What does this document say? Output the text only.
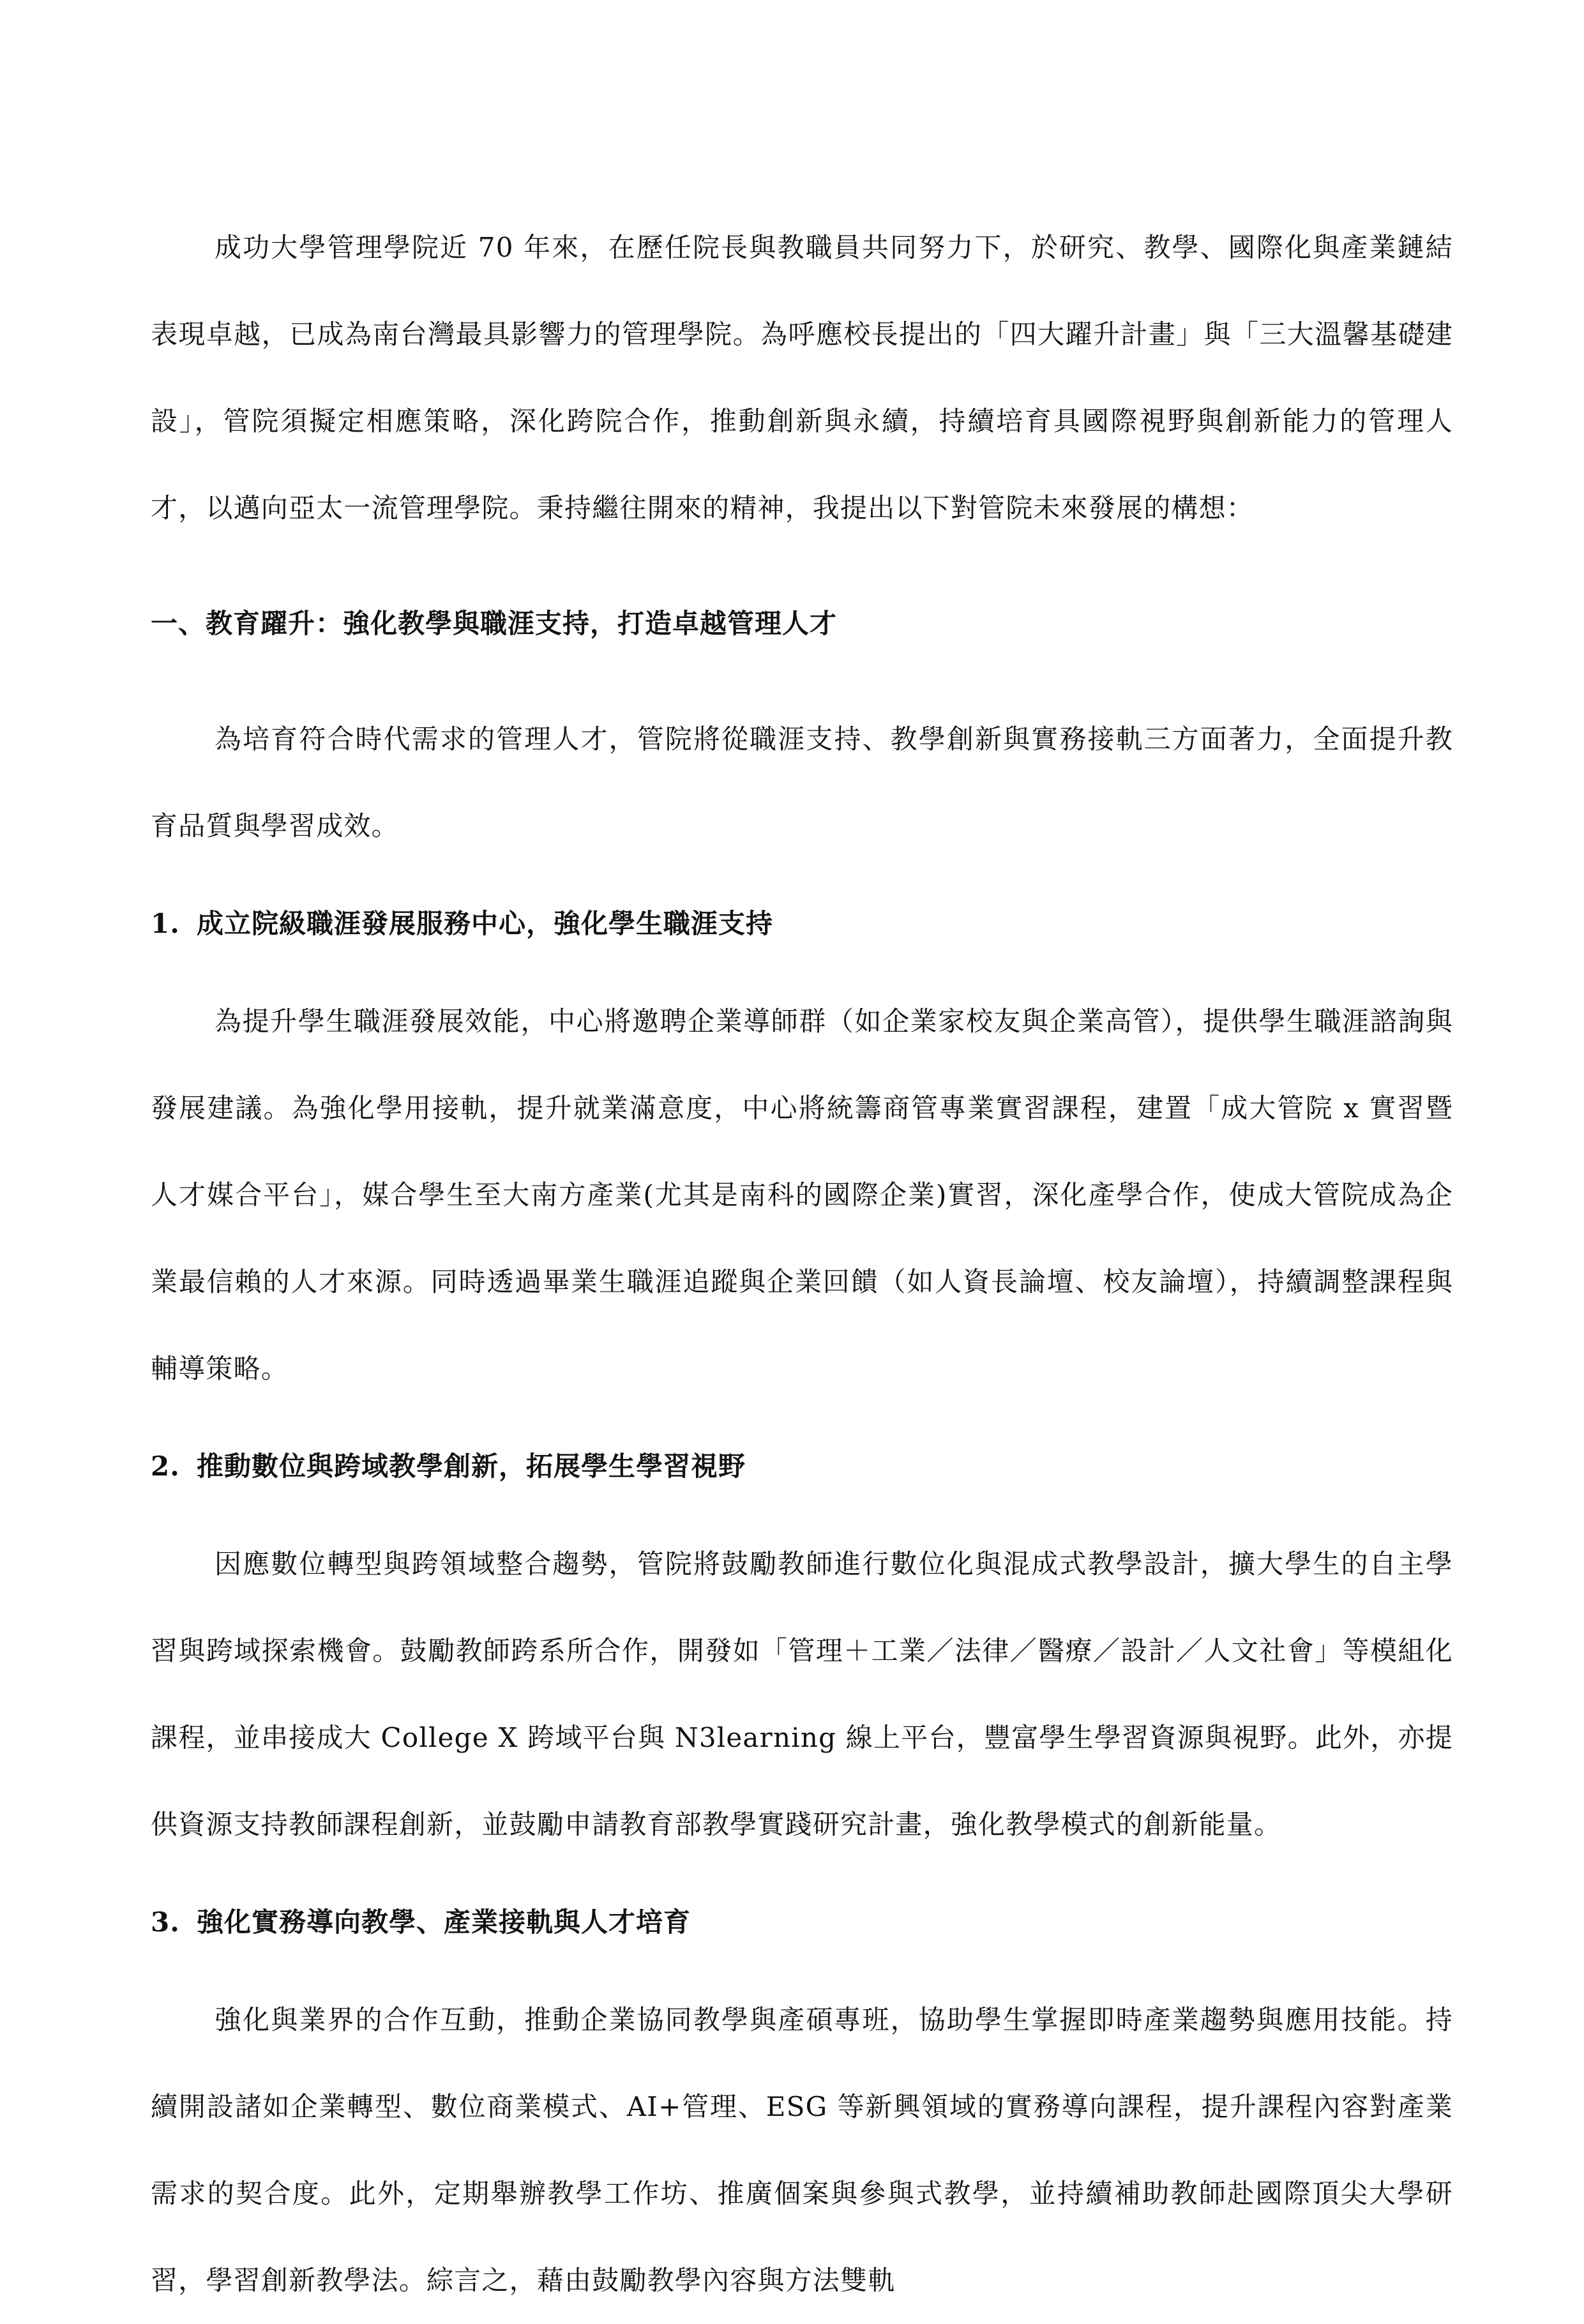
成功大學管理學院近 70 年來，在歷任院長與教職員共同努力下，於研究、教學、國際化與產業鏈結表現卓越，已成為南台灣最具影響力的管理學院。為呼應校長提出的「四大躍升計畫」與「三大溫馨基礎建設」，管院須擬定相應策略，深化跨院合作，推動創新與永續，持續培育具國際視野與創新能力的管理人才，以邁向亞太一流管理學院。秉持繼往開來的精神，我提出以下對管院未來發展的構想：

一、教育躍升：強化教學與職涯支持，打造卓越管理人才

為培育符合時代需求的管理人才，管院將從職涯支持、教學創新與實務接軌三方面著力，全面提升教育品質與學習成效。

1. 成立院級職涯發展服務中心，強化學生職涯支持

為提升學生職涯發展效能，中心將邀聘企業導師群（如企業家校友與企業高管），提供學生職涯諮詢與發展建議。為強化學用接軌，提升就業滿意度，中心將統籌商管專業實習課程，建置「成大管院 x 實習暨人才媒合平台」，媒合學生至大南方產業(尤其是南科的國際企業)實習，深化產學合作，使成大管院成為企業最信賴的人才來源。同時透過畢業生職涯追蹤與企業回饋（如人資長論壇、校友論壇），持續調整課程與輔導策略。

2. 推動數位與跨域教學創新，拓展學生學習視野

因應數位轉型與跨領域整合趨勢，管院將鼓勵教師進行數位化與混成式教學設計，擴大學生的自主學習與跨域探索機會。鼓勵教師跨系所合作，開發如「管理＋工業／法律／醫療／設計／人文社會」等模組化課程，並串接成大 College X 跨域平台與 N3learning 線上平台，豐富學生學習資源與視野。此外，亦提供資源支持教師課程創新，並鼓勵申請教育部教學實踐研究計畫，強化教學模式的創新能量。

3. 強化實務導向教學、產業接軌與人才培育

強化與業界的合作互動，推動企業協同教學與產碩專班，協助學生掌握即時產業趨勢與應用技能。持續開設諸如企業轉型、數位商業模式、AI+管理、ESG 等新興領域的實務導向課程，提升課程內容對產業需求的契合度。此外，定期舉辦教學工作坊、推廣個案與參與式教學，並持續補助教師赴國際頂尖大學研習，學習創新教學法。綜言之，藉由鼓勵教學內容與方法雙軌
